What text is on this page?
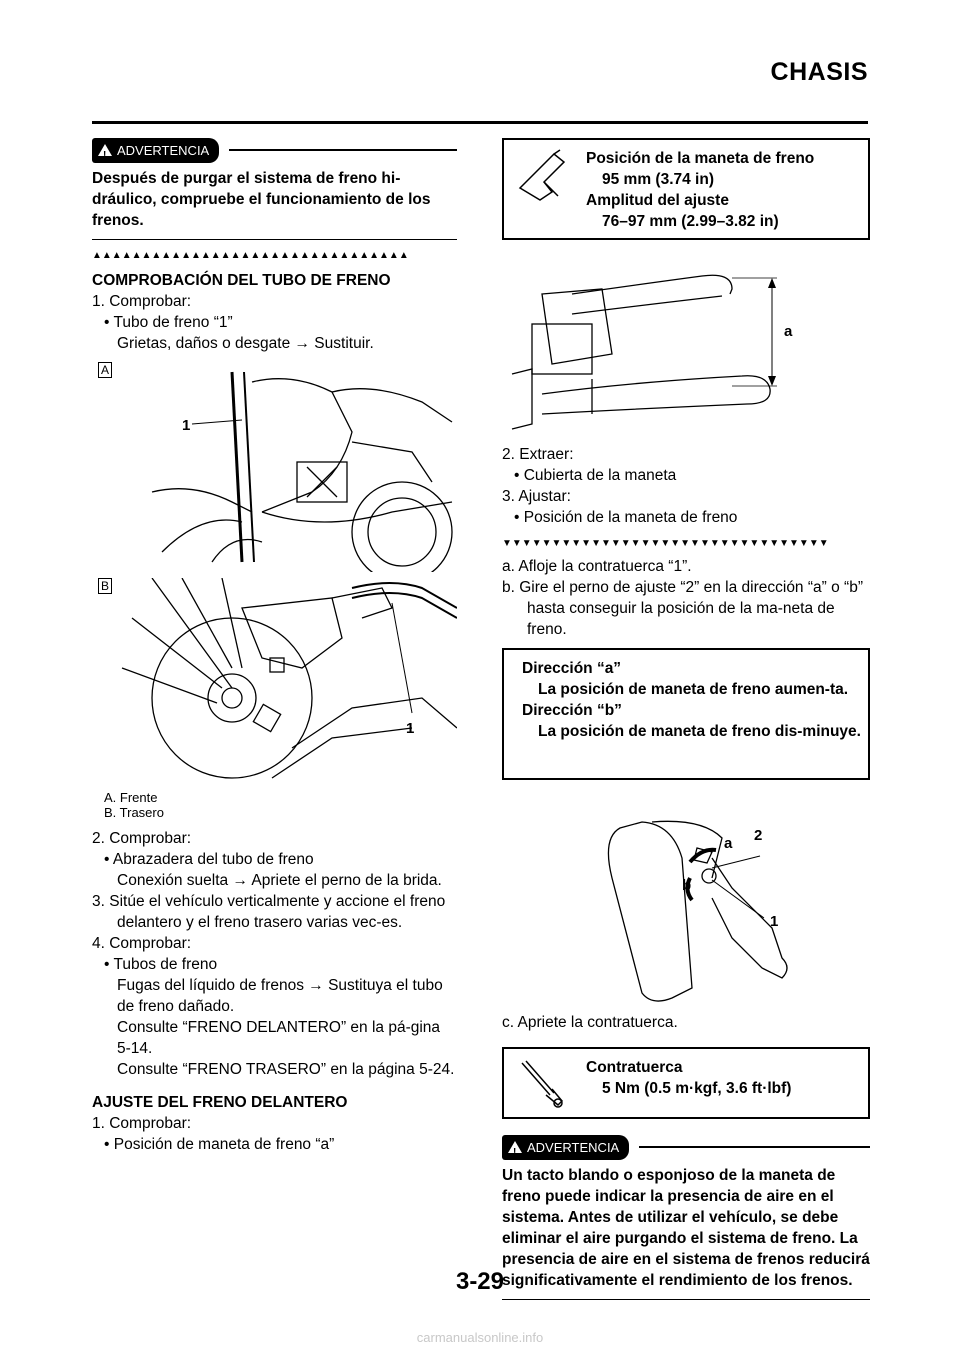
CHASIS
!
ADVERTENCIA
Después de purgar el sistema de freno hi-dráulico, compruebe el funcionamiento de los frenos.
▲▲▲▲▲▲▲▲▲▲▲▲▲▲▲▲▲▲▲▲▲▲▲▲▲▲▲▲▲▲▲▲
COMPROBACIÓN DEL TUBO DE FRENO
1. Comprobar:
• Tubo de freno “1”
Grietas, daños o desgate → Sustituir.
A
1
B
1
A. Frente
B. Trasero
2. Comprobar:
• Abrazadera del tubo de freno
Conexión suelta → Apriete el perno de la brida.
3. Sitúe el vehículo verticalmente y accione el freno delantero y el freno trasero varias vec-es.
4. Comprobar:
• Tubos de freno
Fugas del líquido de frenos → Sustituya el tubo de freno dañado.
Consulte “FRENO DELANTERO” en la pá-gina 5-14.
Consulte “FRENO TRASERO” en la página 5-24.
AJUSTE DEL FRENO DELANTERO
1. Comprobar:
• Posición de maneta de freno “a”
Posición de la maneta de freno
95 mm (3.74 in)
Amplitud del ajuste
76–97 mm (2.99–3.82 in)
a
2. Extraer:
• Cubierta de la maneta
3. Ajustar:
• Posición de la maneta de freno
▼▼▼▼▼▼▼▼▼▼▼▼▼▼▼▼▼▼▼▼▼▼▼▼▼▼▼▼▼▼▼▼▼
a. Afloje la contratuerca “1”.
b. Gire el perno de ajuste “2” en la dirección “a” o “b” hasta conseguir la posición de la ma-neta de freno.
Dirección “a”
La posición de maneta de freno aumen-ta.
Dirección “b”
La posición de maneta de freno dis-minuye.
a 2
b
1
c. Apriete la contratuerca.
Contratuerca
5 Nm (0.5 m·kgf, 3.6 ft·lbf)
!
ADVERTENCIA
Un tacto blando o esponjoso de la maneta de freno puede indicar la presencia de aire en el sistema. Antes de utilizar el vehículo, se debe eliminar el aire purgando el sistema de freno. La presencia de aire en el sistema de frenos reducirá significativamente el rendimiento de los frenos.
3-29
carmanualsonline.info
